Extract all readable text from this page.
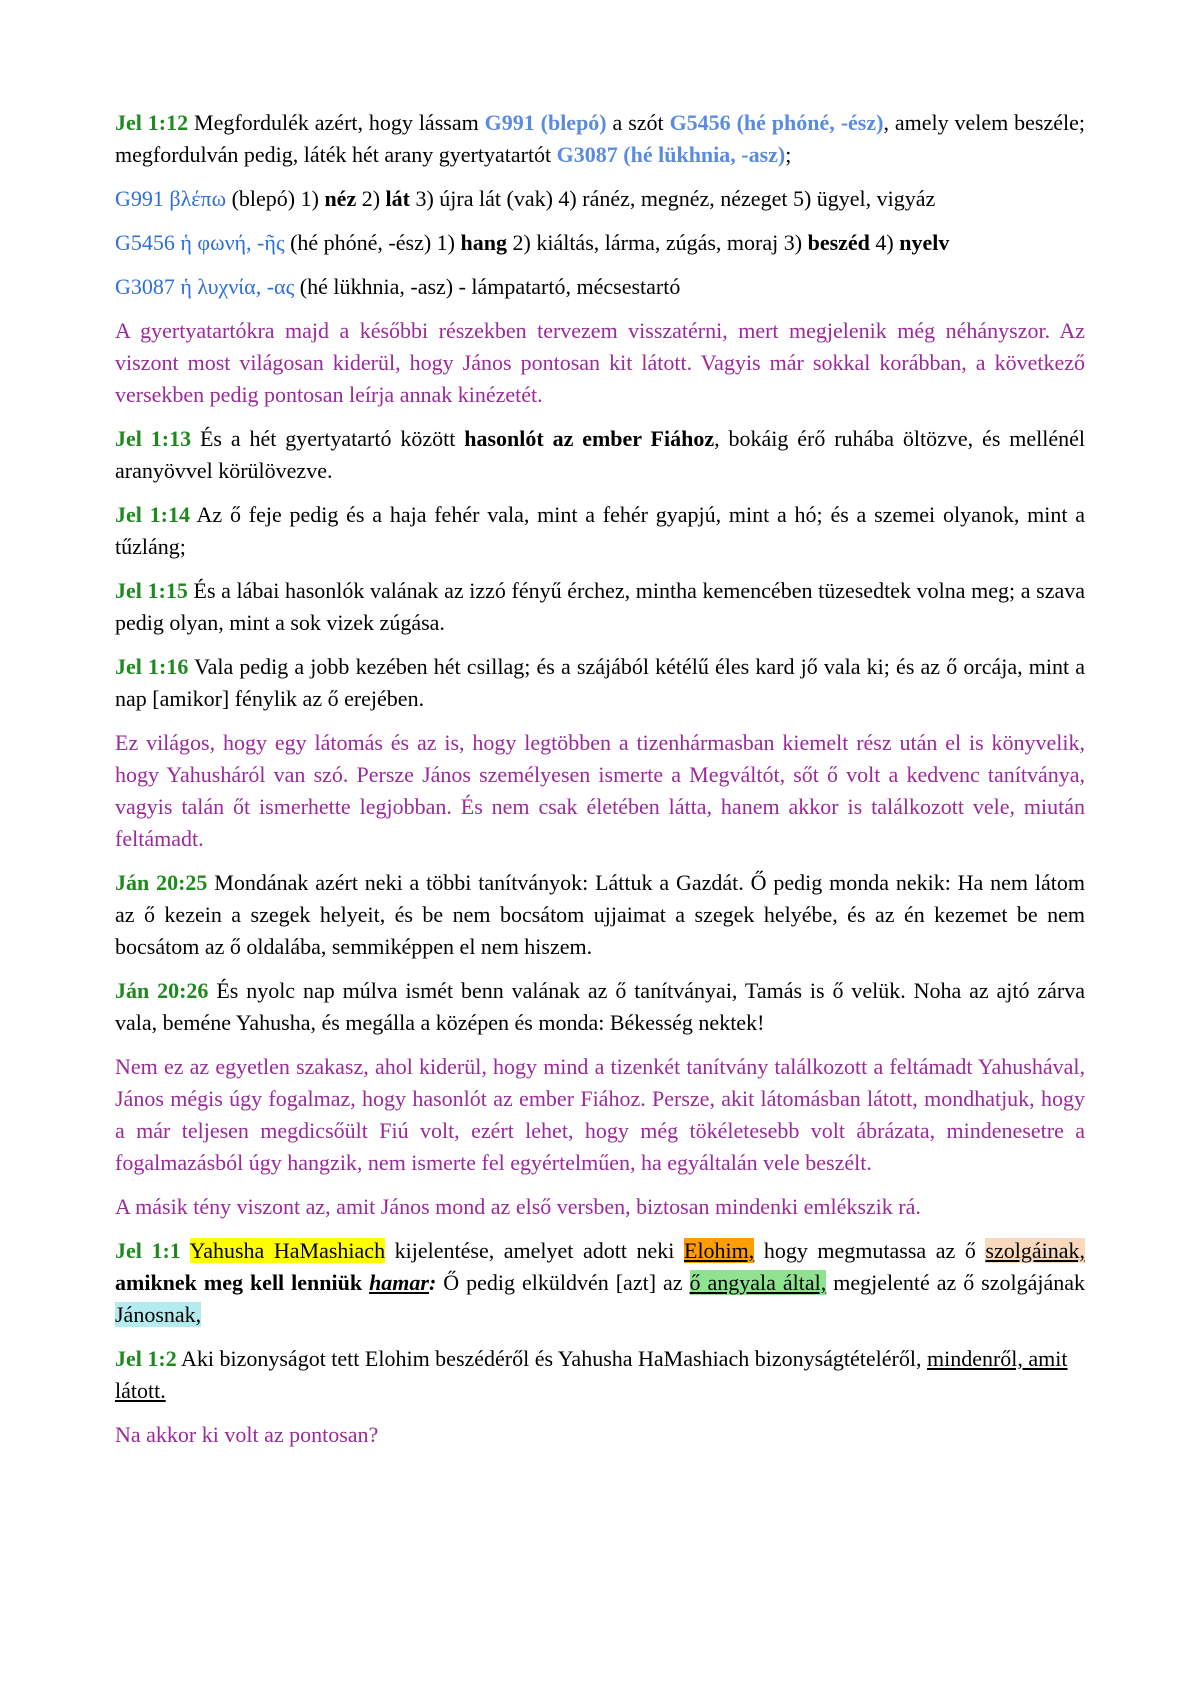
Jel 1:12 Megfordulék azért, hogy lássam G991 (blepó) a szót G5456 (hé phóné, -ész), amely velem beszéle; megfordulván pedig, láték hét arany gyertyatartót G3087 (hé lükhnia, -asz);

G991 βλέπω (blepó) 1) néz 2) lát 3) újra lát (vak) 4) ránéz, megnéz, nézeget 5) ügyel, vigyáz

G5456 ἡ φωνή, -ῆς (hé phóné, -ész) 1) hang 2) kiáltás, lárma, zúgás, moraj 3) beszéd 4) nyelv

G3087 ἡ λυχνία, -ας (hé lükhnia, -asz) - lámpatartó, mécsestartó

A gyertyatartókra majd a későbbi részekben tervezem visszatérni, mert megjelenik még néhányszor. Az viszont most világosan kiderül, hogy János pontosan kit látott. Vagyis már sokkal korábban, a következő versekben pedig pontosan leírja annak kinézetét.

Jel 1:13 És a hét gyertyatartó között hasonlót az ember Fiához, bokáig érő ruhába öltözve, és mellénél aranyövvel körülövezve.

Jel 1:14 Az ő feje pedig és a haja fehér vala, mint a fehér gyapjú, mint a hó; és a szemei olyanok, mint a tűzláng;

Jel 1:15 És a lábai hasonlók valának az izzó fényű érchez, mintha kemencében tüzesedtek volna meg; a szava pedig olyan, mint a sok vizek zúgása.

Jel 1:16 Vala pedig a jobb kezében hét csillag; és a szájából kétélű éles kard jő vala ki; és az ő orcája, mint a nap [amikor] fénylik az ő erejében.

Ez világos, hogy egy látomás és az is, hogy legtöbben a tizenhármasban kiemelt rész után el is könyvelik, hogy Yahusháról van szó. Persze János személyesen ismerte a Megváltót, sőt ő volt a kedvenc tanítványa, vagyis talán őt ismerhette legjobban. És nem csak életében látta, hanem akkor is találkozott vele, miután feltámadt.

Ján 20:25 Mondának azért neki a többi tanítványok: Láttuk a Gazdát. Ő pedig monda nekik: Ha nem látom az ő kezein a szegek helyeit, és be nem bocsátom ujjaimat a szegek helyébe, és az én kezemet be nem bocsátom az ő oldalába, semmiképpen el nem hiszem.

Ján 20:26 És nyolc nap múlva ismét benn valának az ő tanítványai, Tamás is ő velük. Noha az ajtó zárva vala, beméne Yahusha, és megálla a középen és monda: Békesség nektek!

Nem ez az egyetlen szakasz, ahol kiderül, hogy mind a tizenkét tanítvány találkozott a feltámadt Yahushával, János mégis úgy fogalmaz, hogy hasonlót az ember Fiához. Persze, akit látomásban látott, mondhatjuk, hogy a már teljesen megdicsőült Fiú volt, ezért lehet, hogy még tökéletesebb volt ábrázata, mindenesetre a fogalmazásból úgy hangzik, nem ismerte fel egyértelműen, ha egyáltalán vele beszélt.

A másik tény viszont az, amit János mond az első versben, biztosan mindenki emlékszik rá.

Jel 1:1 Yahusha HaMashiach kijelentése, amelyet adott neki Elohim, hogy megmutassa az ő szolgáinak, amiknek meg kell lenniük hamar: Ő pedig elküldvén [azt] az ő angyala által, megjelenté az ő szolgájának Jánosnak,

Jel 1:2 Aki bizonyságot tett Elohim beszédéről és Yahusha HaMashiach bizonyságtételéről, mindenről, amit látott.

Na akkor ki volt az pontosan?
